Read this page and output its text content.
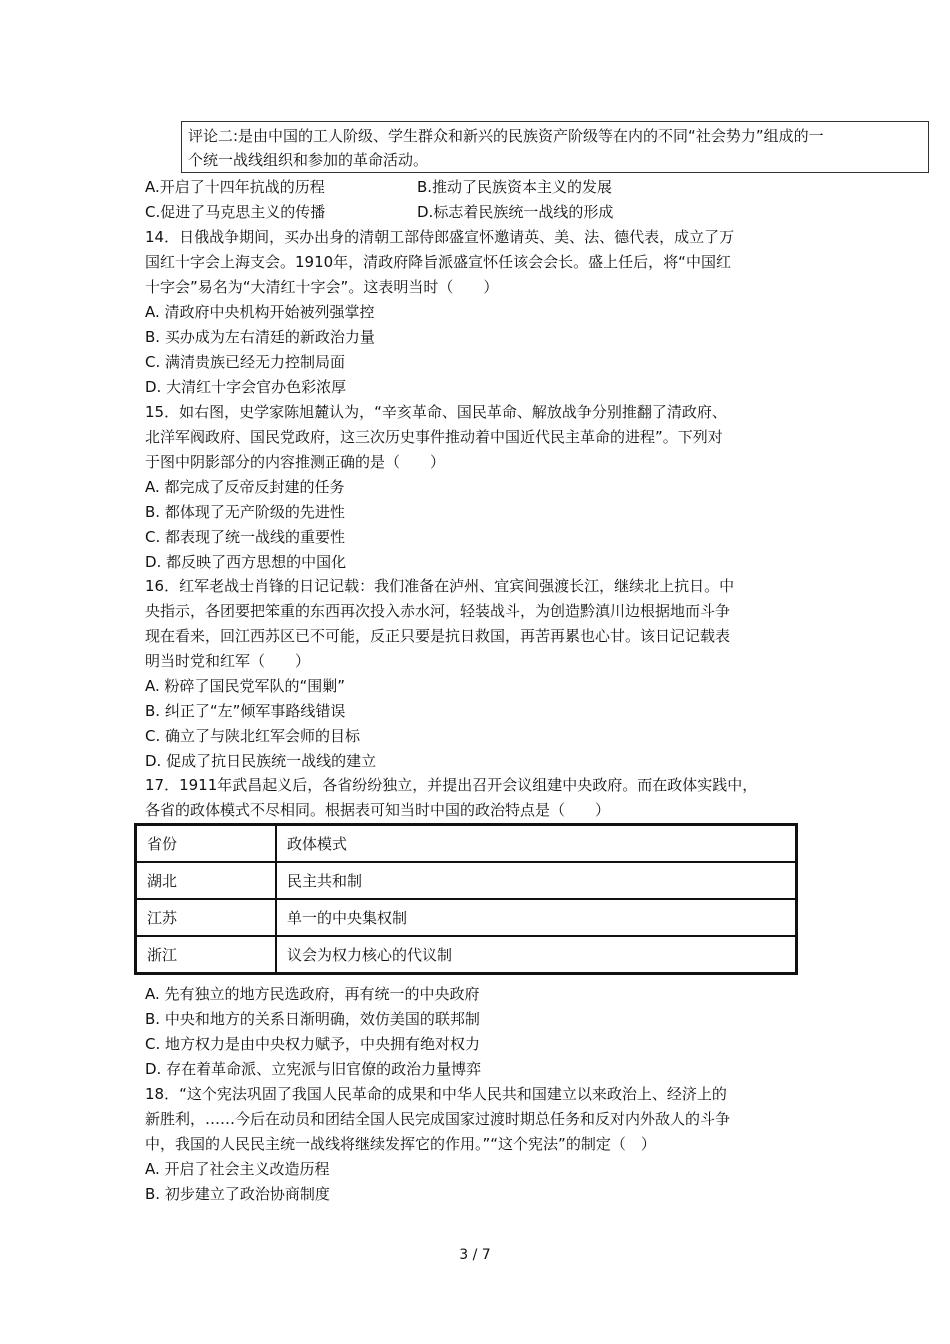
评论二:是由中国的工人阶级、学生群众和新兴的民族资产阶级等在内的不同“社会势力”组成的一
个统一战线组织和参加的革命活动。
A.开启了十四年抗战的历程	B.推动了民族资本主义的发展
C.促进了马克思主义的传播	D.标志着民族统一战线的形成
14．日俄战争期间，买办出身的清朝工部侍郎盛宣怀邀请英、美、法、德代表，成立了万
国红十字会上海支会。1910年，清政府降旨派盛宣怀任该会会长。盛上任后，将“中国红
十字会”易名为“大清红十字会”。这表明当时（　　）
A. 清政府中央机构开始被列强掌控
B. 买办成为左右清廷的新政治力量
C. 满清贵族已经无力控制局面
D. 大清红十字会官办色彩浓厚
15．如右图，史学家陈旭麓认为，“辛亥革命、国民革命、解放战争分别推翻了清政府、
北洋军阀政府、国民党政府，这三次历史事件推动着中国近代民主革命的进程”。下列对
于图中阴影部分的内容推测正确的是（　　）
A. 都完成了反帝反封建的任务
B. 都体现了无产阶级的先进性
C. 都表现了统一战线的重要性
D. 都反映了西方思想的中国化
16．红军老战士肖锋的日记记载：我们准备在泸州、宜宾间强渡长江，继续北上抗日。中
央指示，各团要把笨重的东西再次投入赤水河，轻装战斗，为创造黔滇川边根据地而斗争
现在看来，回江西苏区已不可能，反正只要是抗日救国，再苦再累也心甘。该日记记载表
明当时党和红军（　　）
A. 粉碎了国民党军队的“围剿”
B. 纠正了“左”倾军事路线错误
C. 确立了与陕北红军会师的目标
D. 促成了抗日民族统一战线的建立
17．1911年武昌起义后，各省纷纷独立，并提出召开会议组建中央政府。而在政体实践中，
各省的政体模式不尽相同。根据表可知当时中国的政治特点是（　　）
省份	政体模式
湖北	民主共和制
江苏	单一的中央集权制
浙江	议会为权力核心的代议制
A. 先有独立的地方民选政府，再有统一的中央政府
B. 中央和地方的关系日渐明确，效仿美国的联邦制
C. 地方权力是由中央权力赋予，中央拥有绝对权力
D. 存在着革命派、立宪派与旧官僚的政治力量博弈
18．“这个宪法巩固了我国人民革命的成果和中华人民共和国建立以来政治上、经济上的
新胜利，……今后在动员和团结全国人民完成国家过渡时期总任务和反对内外敌人的斗争
中，我国的人民民主统一战线将继续发挥它的作用。”“这个宪法”的制定（　）
A. 开启了社会主义改造历程
B. 初步建立了政治协商制度
3 / 7
